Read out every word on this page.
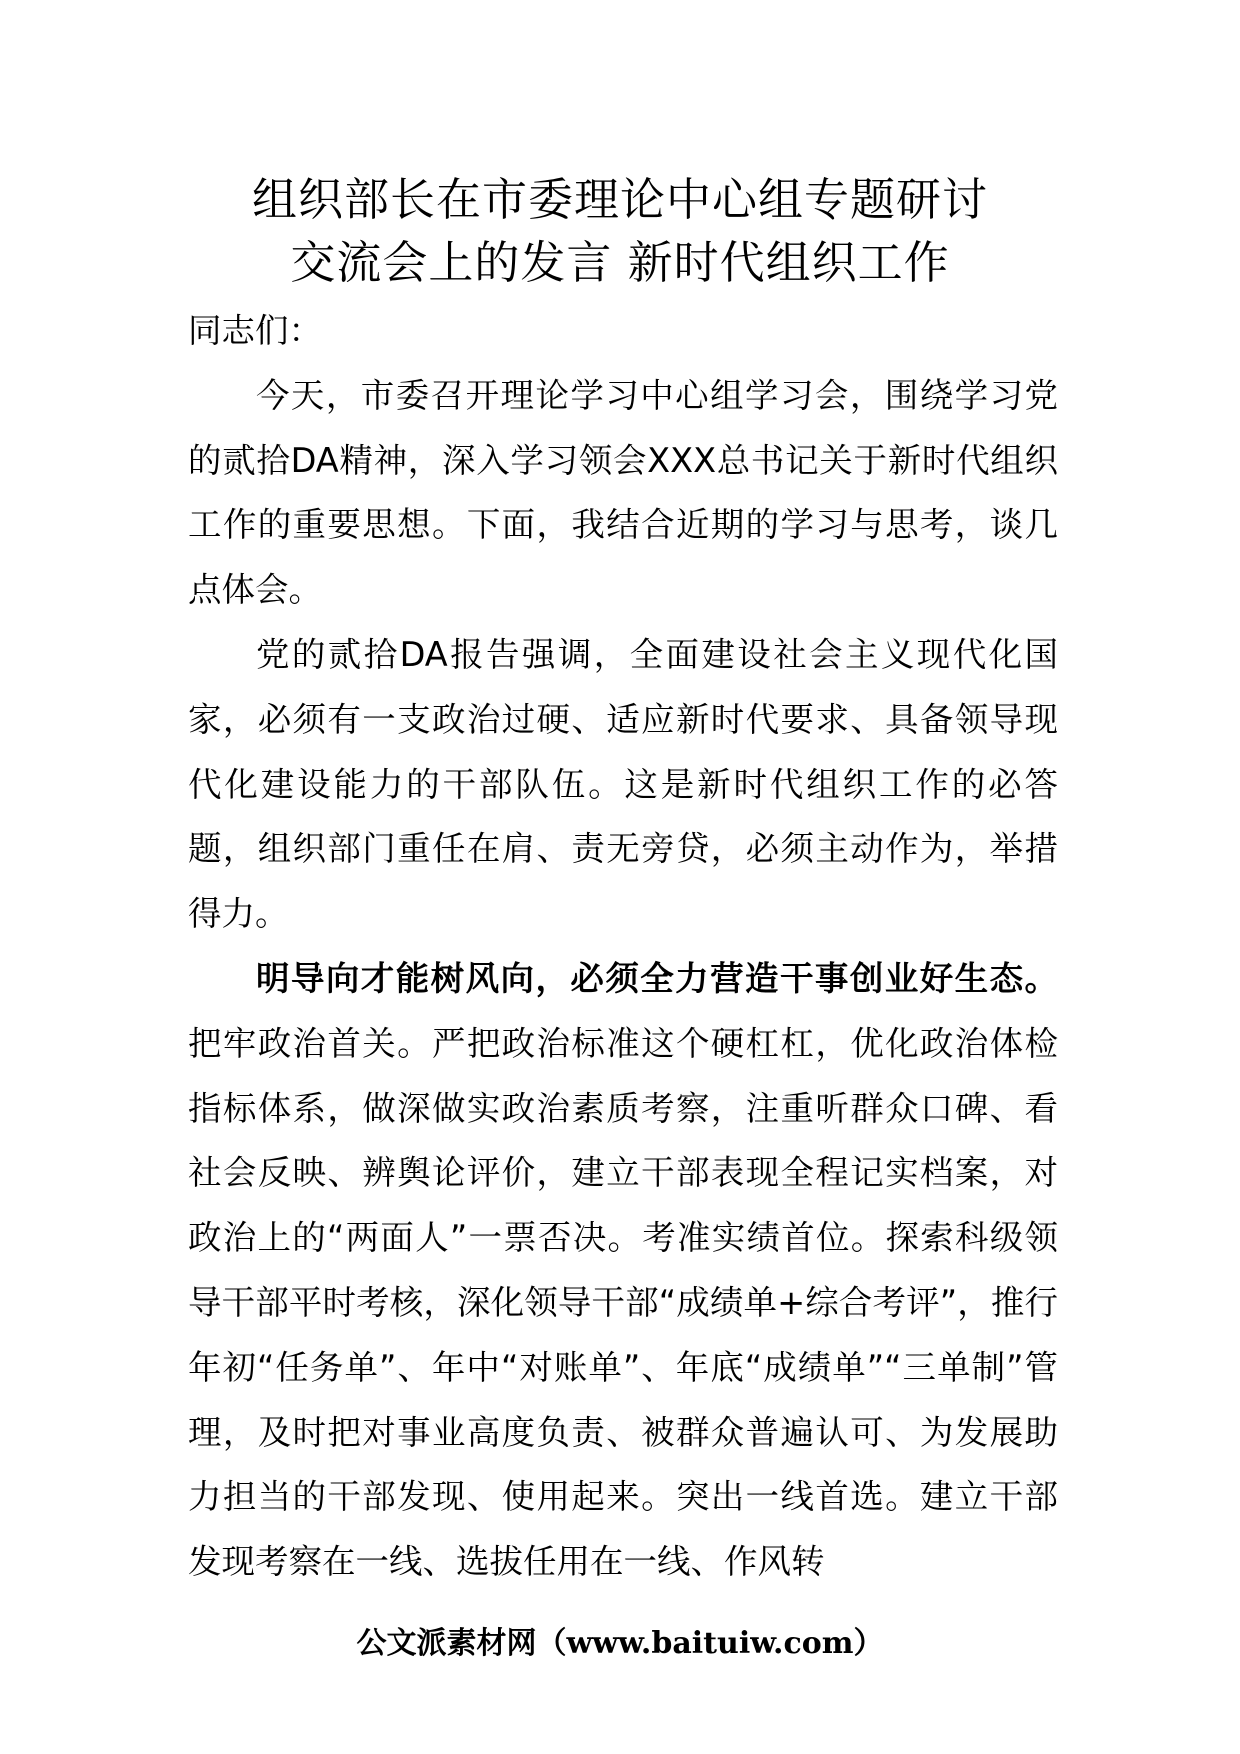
组织部长在市委理论中心组专题研讨
交流会上的发言 新时代组织工作

同志们：

今天，市委召开理论学习中心组学习会，围绕学习党的贰拾DA精神，深入学习领会XXX总书记关于新时代组织工作的重要思想。下面，我结合近期的学习与思考，谈几点体会。

党的贰拾DA报告强调，全面建设社会主义现代化国家，必须有一支政治过硬、适应新时代要求、具备领导现代化建设能力的干部队伍。这是新时代组织工作的必答题，组织部门重任在肩、责无旁贷，必须主动作为，举措得力。

明导向才能树风向，必须全力营造干事创业好生态。把牢政治首关。严把政治标准这个硬杠杠，优化政治体检指标体系，做深做实政治素质考察，注重听群众口碑、看社会反映、辨舆论评价，建立干部表现全程记实档案，对政治上的“两面人”一票否决。考准实绩首位。探索科级领导干部平时考核，深化领导干部“成绩单+综合考评”，推行年初“任务单”、年中“对账单”、年底“成绩单”“三单制”管理，及时把对事业高度负责、被群众普遍认可、为发展助力担当的干部发现、使用起来。突出一线首选。建立干部发现考察在一线、选拔任用在一线、作风转

公文派素材网（www.baituiw.com）
